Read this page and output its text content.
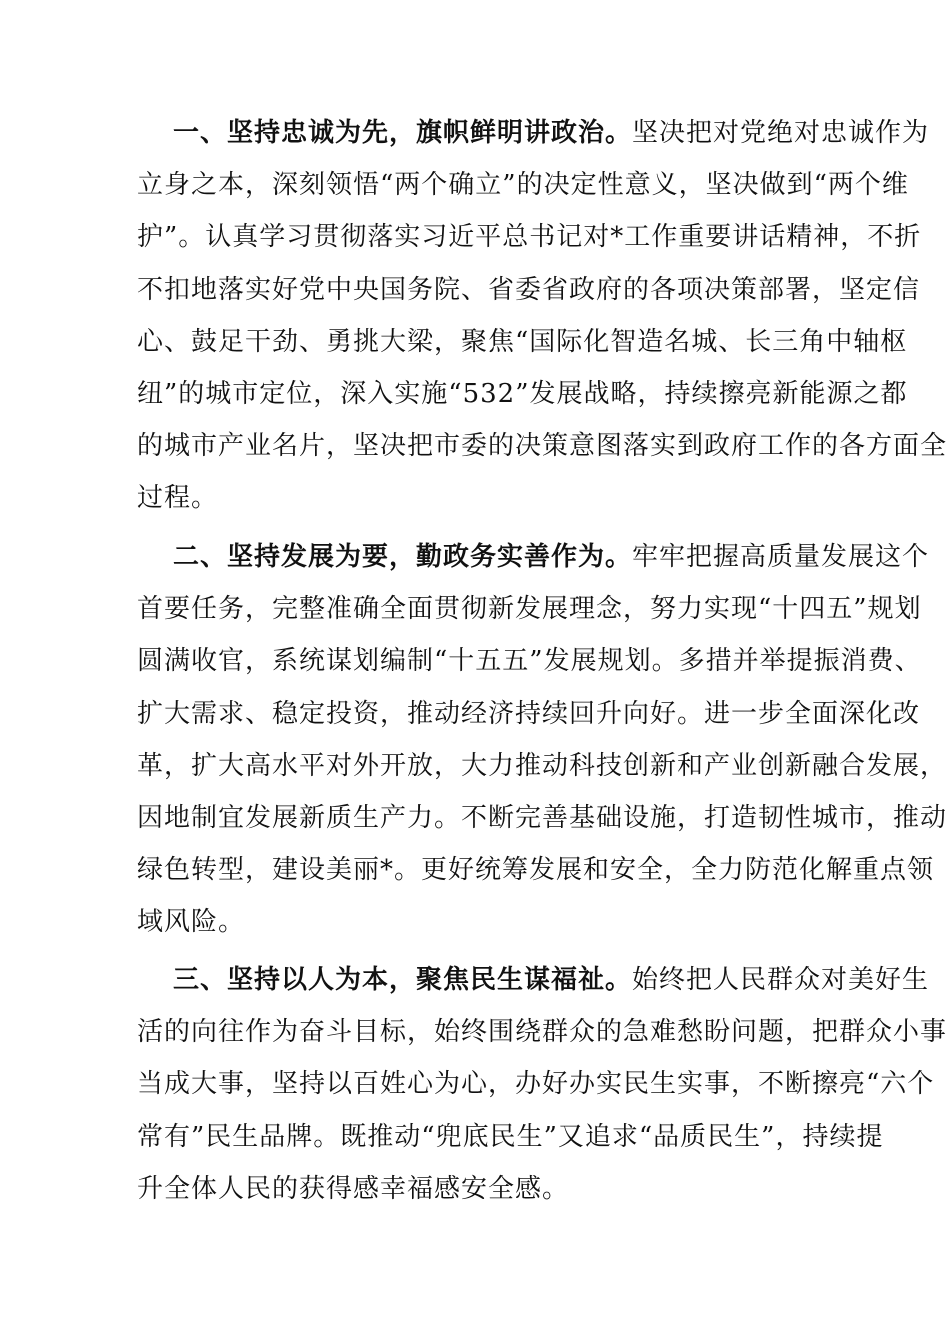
一、坚持忠诚为先，旗帜鲜明讲政治。坚决把对党绝对忠诚作为
立身之本，深刻领悟“两个确立”的决定性意义，坚决做到“两个维
护”。认真学习贯彻落实习近平总书记对*工作重要讲话精神，不折
不扣地落实好党中央国务院、省委省政府的各项决策部署，坚定信
心、鼓足干劲、勇挑大梁，聚焦“国际化智造名城、长三角中轴枢
纽”的城市定位，深入实施“532”发展战略，持续擦亮新能源之都
的城市产业名片，坚决把市委的决策意图落实到政府工作的各方面全
过程。
二、坚持发展为要，勤政务实善作为。牢牢把握高质量发展这个
首要任务，完整准确全面贯彻新发展理念，努力实现“十四五”规划
圆满收官，系统谋划编制“十五五”发展规划。多措并举提振消费、
扩大需求、稳定投资，推动经济持续回升向好。进一步全面深化改
革，扩大高水平对外开放，大力推动科技创新和产业创新融合发展，
因地制宜发展新质生产力。不断完善基础设施，打造韧性城市，推动
绿色转型，建设美丽*。更好统筹发展和安全，全力防范化解重点领
域风险。
三、坚持以人为本，聚焦民生谋福祉。始终把人民群众对美好生
活的向往作为奋斗目标，始终围绕群众的急难愁盼问题，把群众小事
当成大事，坚持以百姓心为心，办好办实民生实事，不断擦亮“六个
常有”民生品牌。既推动“兜底民生”又追求“品质民生”，持续提
升全体人民的获得感幸福感安全感。
